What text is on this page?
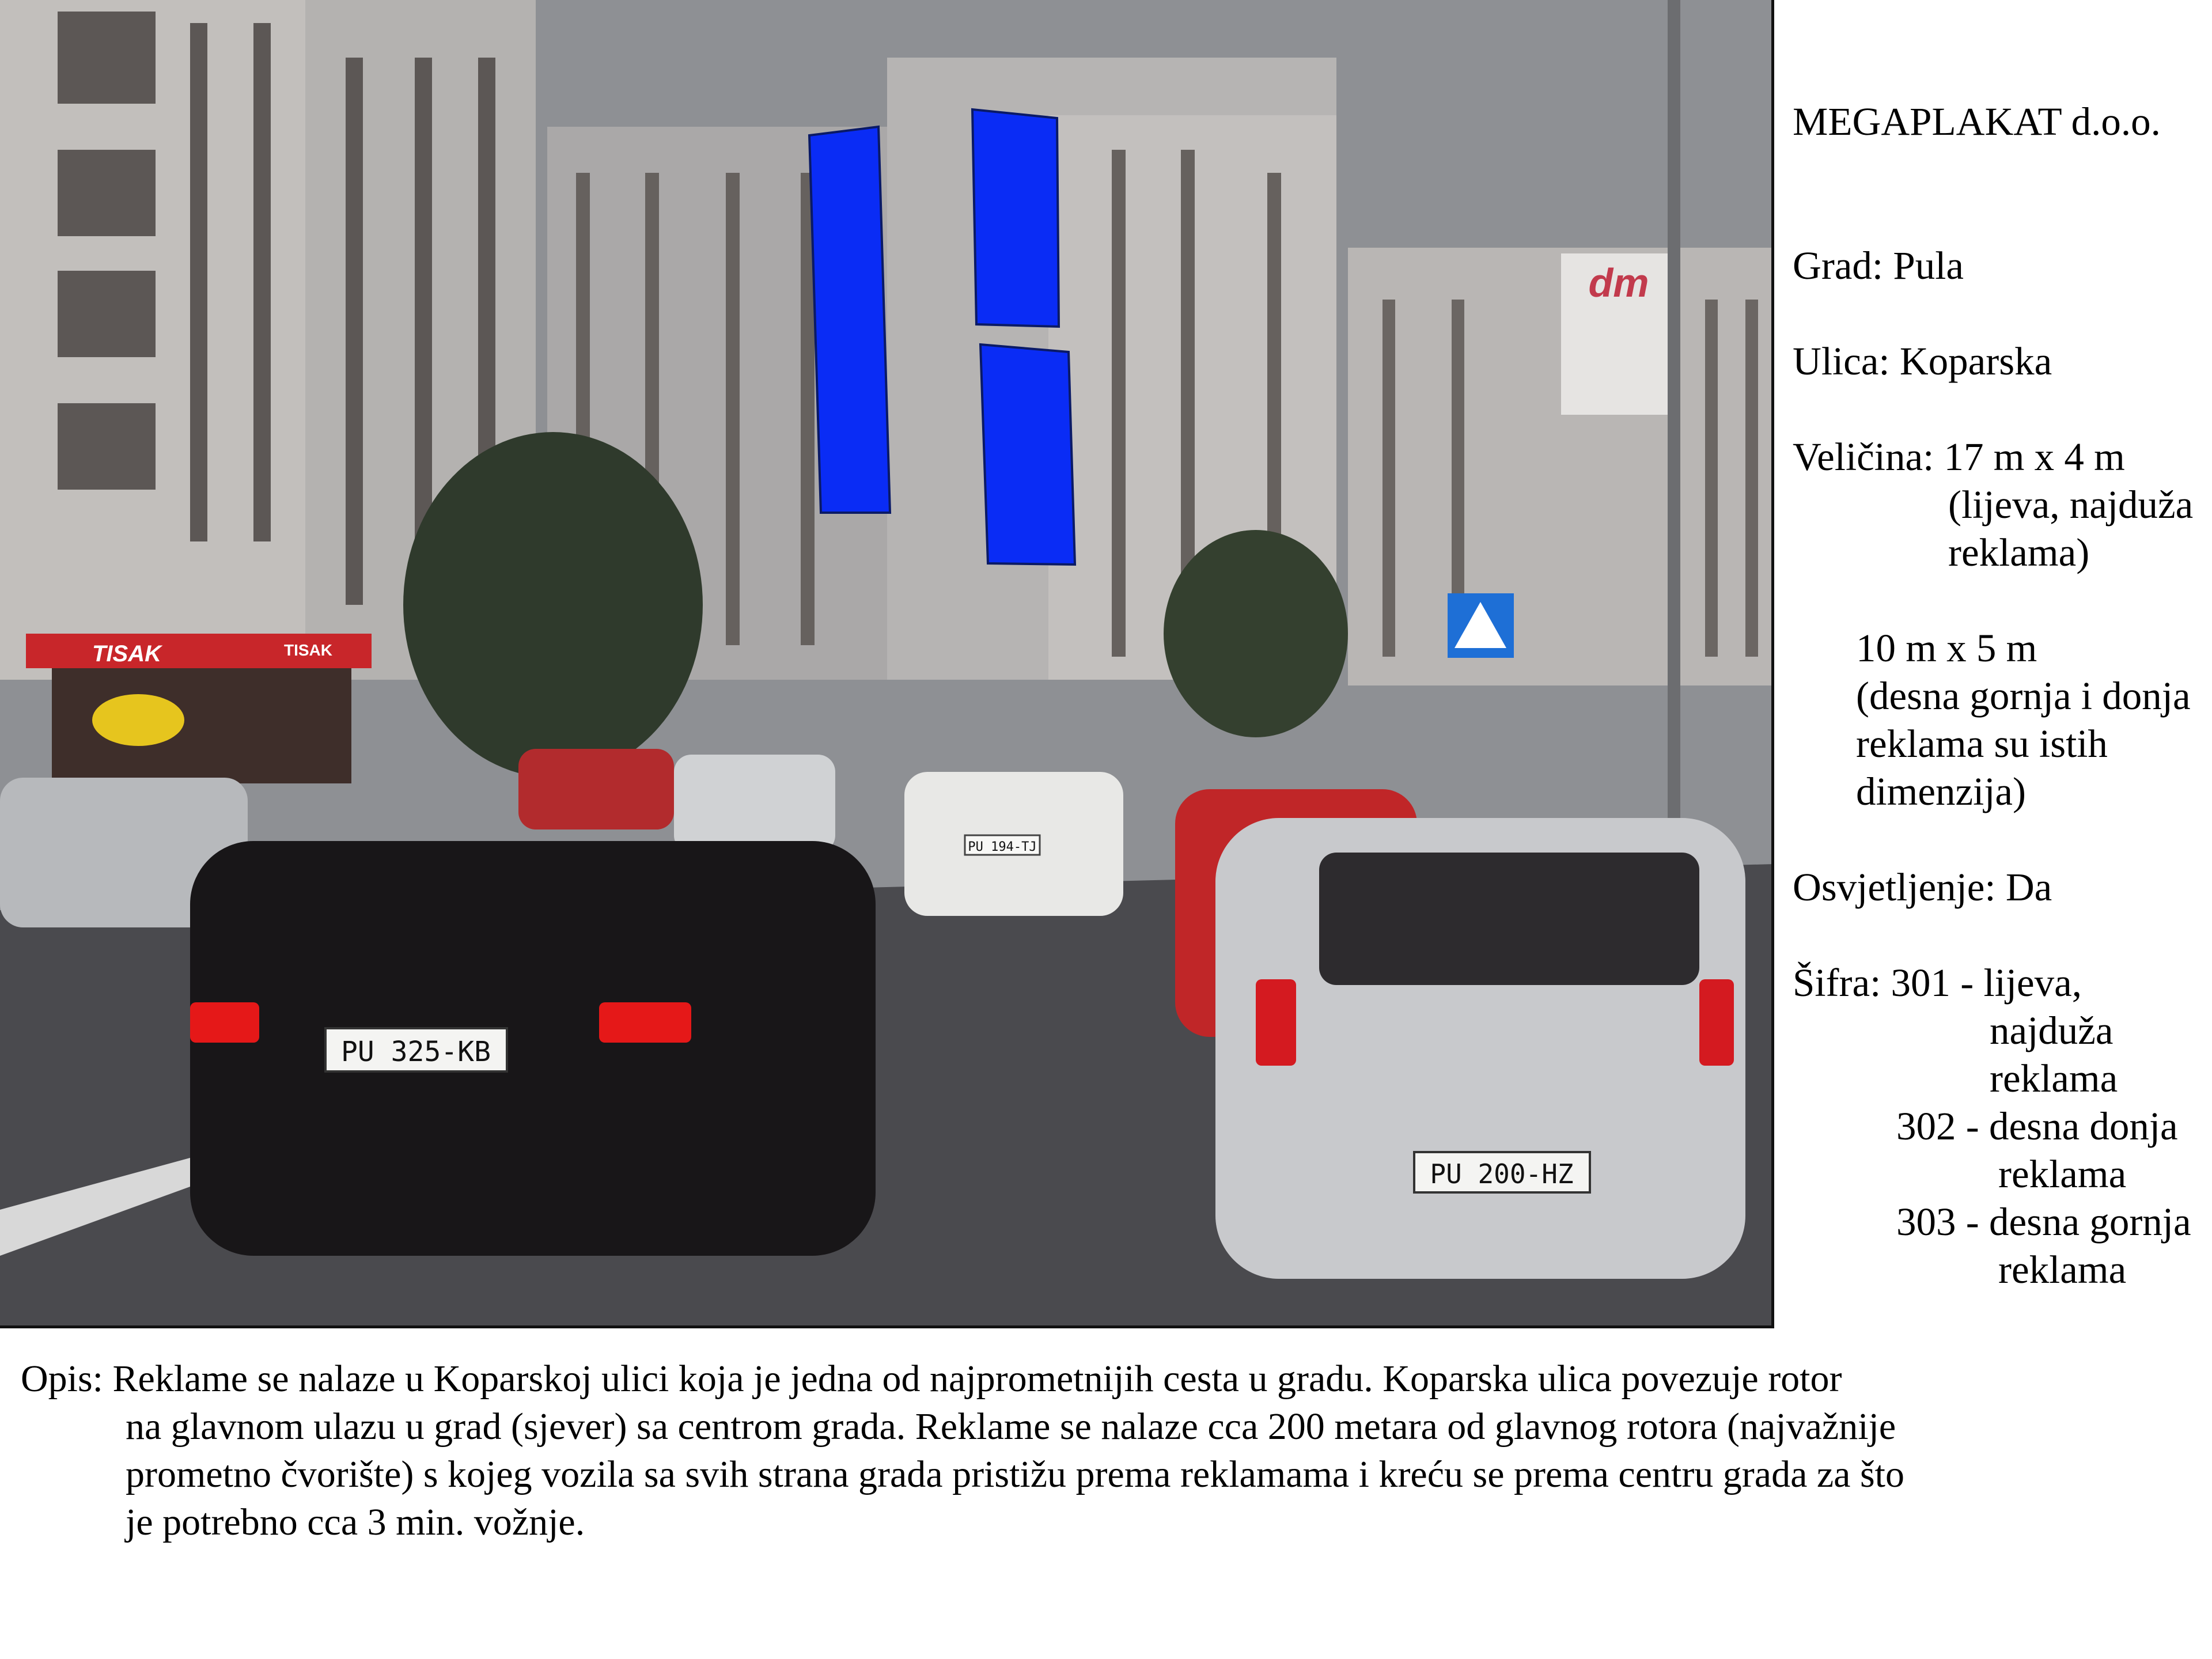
dm
TISAK	TISAK
PU 325-KB
PU 194-TJ
PU 200-HZ
MEGAPLAKAT d.o.o.
Grad: Pula
Ulica: Koparska
Veličina: 17 m x 4 m
(lijeva, najduža
reklama)
10 m x 5 m
(desna gornja i donja
reklama su istih
dimenzija)
Osvjetljenje: Da
Šifra: 301 - lijeva,
najduža
reklama
302 - desna donja
reklama
303 - desna gornja
reklama
Opis: Reklame se nalaze u Koparskoj ulici koja je jedna od najprometnijih cesta u gradu. Koparska ulica povezuje rotor
na glavnom ulazu u grad (sjever) sa centrom grada. Reklame se nalaze cca 200 metara od glavnog rotora (najvažnije
prometno čvorište) s kojeg vozila sa svih strana grada pristižu prema reklamama i kreću se prema centru grada za što
je potrebno cca 3 min. vožnje.
